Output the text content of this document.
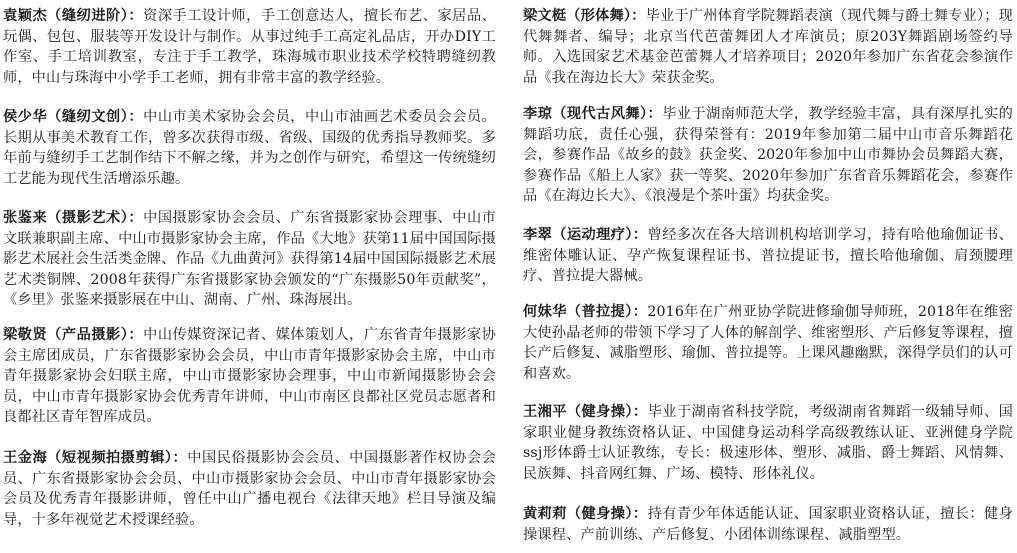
袁颖杰（缝纫进阶）：资深手工设计师，手工创意达人，擅长布艺、家居品、玩偶、包包、服装等开发设计与制作。从事过纯手工高定礼品店，开办DIY工作室、手工培训教室，专注于手工教学，珠海城市职业技术学校特聘缝纫教师，中山与珠海中小学手工老师，拥有非常丰富的教学经验。
侯少华（缝纫文创）：中山市美术家协会会员，中山市油画艺术委员会会员。长期从事美术教育工作，曾多次获得市级、省级、国级的优秀指导教师奖。多年前与缝纫手工艺制作结下不解之缘，并为之创作与研究，希望这一传统缝纫工艺能为现代生活增添乐趣。
张鉴来（摄影艺术）：中国摄影家协会会员、广东省摄影家协会理事、中山市文联兼职副主席、中山市摄影家协会主席，作品《大地》获第11届中国国际摄影艺术展社会生活类金牌、作品《九曲黄河》获得第14届中国国际摄影艺术展艺术类铜牌、2008年获得广东省摄影家协会颁发的“广东摄影50年贡献奖”，《乡里》张鉴来摄影展在中山、湖南、广州、珠海展出。
梁敬贤（产品摄影）：中山传媒资深记者、媒体策划人，广东省青年摄影家协会主席团成员，广东省摄影家协会会员，中山市青年摄影家协会主席，中山市青年摄影家协会妇联主席，中山市摄影家协会理事，中山市新闻摄影协会会员，中山市青年摄影家协会优秀青年讲师，中山市南区良都社区党员志愿者和良都社区青年智库成员。
王金海（短视频拍摄剪辑）：中国民俗摄影协会会员、中国摄影著作权协会会员、广东省摄影家协会会员、中山市摄影家协会会员、中山市青年摄影家协会会员及优秀青年摄影讲师，曾任中山广播电视台《法律天地》栏目导演及编导，十多年视觉艺术授课经验。
梁文梃（形体舞）：毕业于广州体育学院舞蹈表演（现代舞与爵士舞专业）；现代舞舞者、编导；北京当代芭蕾舞团人才库演员；原203Y舞蹈剧场签约导师。入选国家艺术基金芭蕾舞人才培养项目；2020年参加广东省花会参演作品《我在海边长大》荣获金奖。
李琼（现代古风舞）：毕业于湖南师范大学，教学经验丰富，具有深厚扎实的舞蹈功底，责任心强，获得荣誉有：2019年参加第二届中山市音乐舞蹈花会，参赛作品《故乡的鼓》获金奖、2020年参加中山市舞协会员舞蹈大赛，参赛作品《船上人家》获一等奖、2020年参加广东省音乐舞蹈花会，参赛作品《在海边长大》、《浪漫是个茶叶蛋》均获金奖。
李翠（运动理疗）：曾经多次在各大培训机构培训学习，持有哈他瑜伽证书、维密体雕认证、孕产恢复课程证书、普拉提证书，擅长哈他瑜伽、肩颈腰理疗、普拉提大器械。
何妹华（普拉提）：2016年在广州亚协学院进修瑜伽导师班，2018年在维密大使孙晶老师的带领下学习了人体的解剖学、维密塑形、产后修复等课程，擅长产后修复、减脂塑形、瑜伽、普拉提等。上课风趣幽默，深得学员们的认可和喜欢。
王湘平（健身操）：毕业于湖南省科技学院，考级湖南省舞蹈一级辅导师、国家职业健身教练资格认证、中国健身运动科学高级教练认证、亚洲健身学院ssj形体爵士认证教练，专长：极速形体、塑形、减脂、爵士舞蹈、风情舞、民族舞、抖音网红舞、广场、模特、形体礼仪。
黄莉莉（健身操）：持有青少年体适能认证、国家职业资格认证，擅长：健身操课程、产前训练、产后修复、小团体训练课程、减脂塑型。
